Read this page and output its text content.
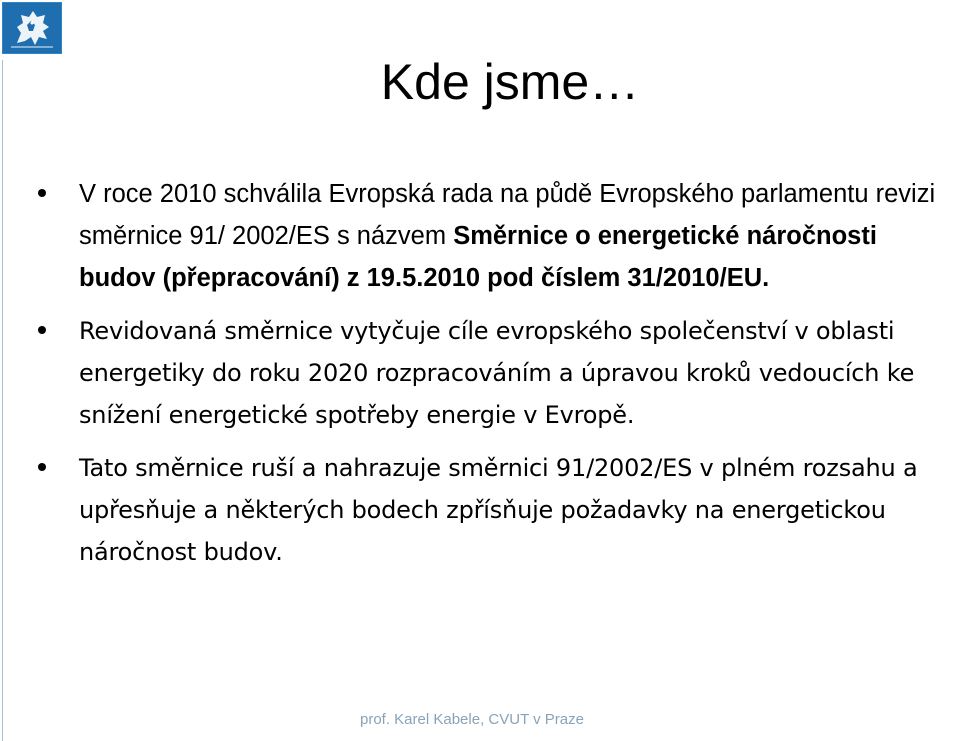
Kde jsme…
V roce 2010 schválila Evropská rada na půdě Evropského parlamentu revizi směrnice 91/ 2002/ES s názvem Směrnice o energetické náročnosti budov (přepracování) z 19.5.2010 pod číslem 31/2010/EU.
Revidovaná směrnice vytyčuje cíle evropského společenství v oblasti energetiky do roku 2020 rozpracováním a úpravou kroků vedoucích ke snížení energetické spotřeby energie v Evropě.
Tato směrnice ruší a nahrazuje směrnici 91/2002/ES v plném rozsahu a upřesňuje a některých bodech zpřísňuje požadavky na energetickou náročnost budov.
prof. Karel Kabele, CVUT v Praze
